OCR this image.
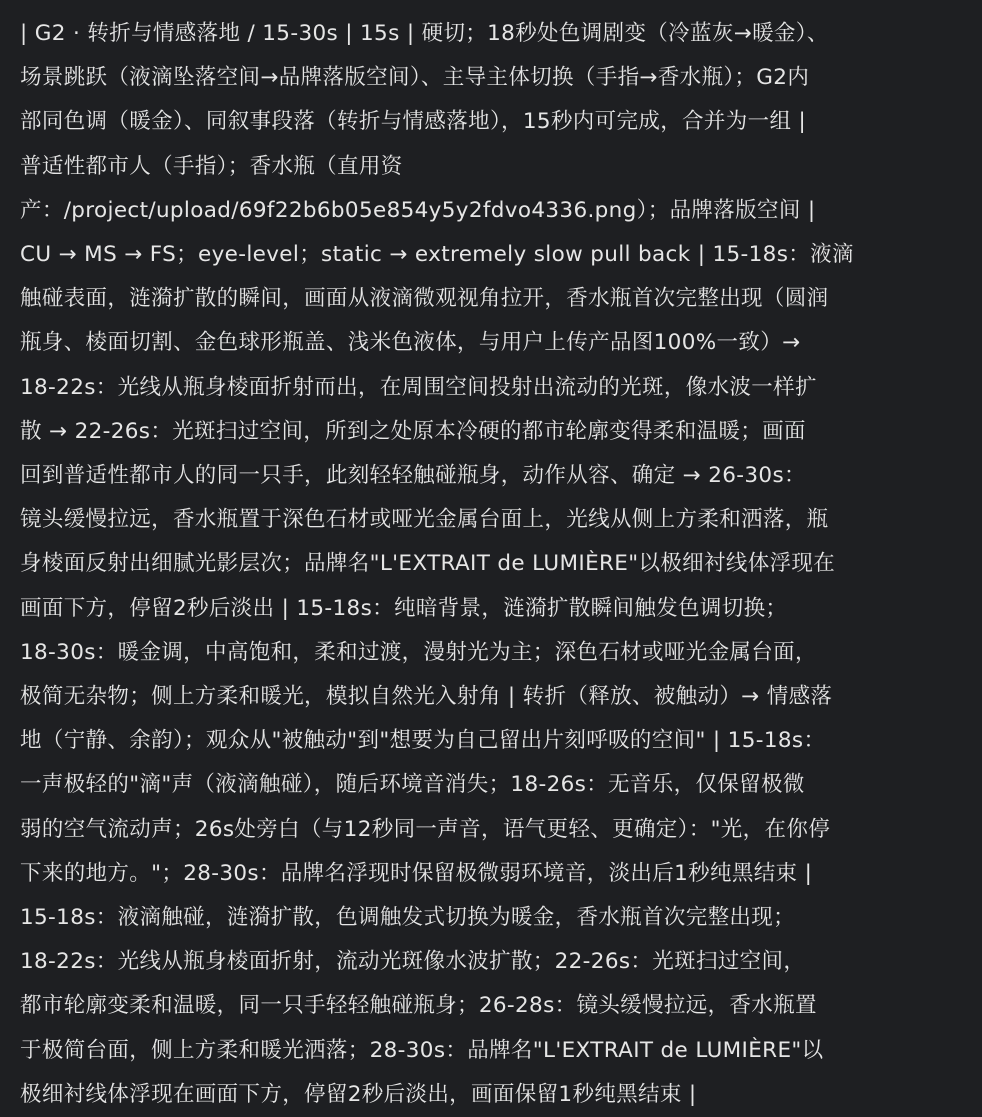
| G2 · 转折与情感落地 / 15-30s | 15s | 硬切；18秒处色调剧变（冷蓝灰→暖金）、
场景跳跃（液滴坠落空间→品牌落版空间）、主导主体切换（手指→香水瓶）；G2内
部同色调（暖金）、同叙事段落（转折与情感落地），15秒内可完成，合并为一组 |
普适性都市人（手指）；香水瓶（直用资
产：/project/upload/69f22b6b05e854y5y2fdvo4336.png）；品牌落版空间 |
CU → MS → FS；eye-level；static → extremely slow pull back | 15-18s：液滴
触碰表面，涟漪扩散的瞬间，画面从液滴微观视角拉开，香水瓶首次完整出现（圆润
瓶身、棱面切割、金色球形瓶盖、浅米色液体，与用户上传产品图100%一致）→
18-22s：光线从瓶身棱面折射而出，在周围空间投射出流动的光斑，像水波一样扩
散 → 22-26s：光斑扫过空间，所到之处原本冷硬的都市轮廓变得柔和温暖；画面
回到普适性都市人的同一只手，此刻轻轻触碰瓶身，动作从容、确定 → 26-30s：
镜头缓慢拉远，香水瓶置于深色石材或哑光金属台面上，光线从侧上方柔和洒落，瓶
身棱面反射出细腻光影层次；品牌名"L'EXTRAIT de LUMIÈRE"以极细衬线体浮现在
画面下方，停留2秒后淡出 | 15-18s：纯暗背景，涟漪扩散瞬间触发色调切换；
18-30s：暖金调，中高饱和，柔和过渡，漫射光为主；深色石材或哑光金属台面，
极简无杂物；侧上方柔和暖光，模拟自然光入射角 | 转折（释放、被触动）→ 情感落
地（宁静、余韵）；观众从"被触动"到"想要为自己留出片刻呼吸的空间" | 15-18s：
一声极轻的"滴"声（液滴触碰），随后环境音消失；18-26s：无音乐，仅保留极微
弱的空气流动声；26s处旁白（与12秒同一声音，语气更轻、更确定）："光，在你停
下来的地方。"；28-30s：品牌名浮现时保留极微弱环境音，淡出后1秒纯黑结束 |
15-18s：液滴触碰，涟漪扩散，色调触发式切换为暖金，香水瓶首次完整出现；
18-22s：光线从瓶身棱面折射，流动光斑像水波扩散；22-26s：光斑扫过空间，
都市轮廓变柔和温暖，同一只手轻轻触碰瓶身；26-28s：镜头缓慢拉远，香水瓶置
于极简台面，侧上方柔和暖光洒落；28-30s：品牌名"L'EXTRAIT de LUMIÈRE"以
极细衬线体浮现在画面下方，停留2秒后淡出，画面保留1秒纯黑结束 |
